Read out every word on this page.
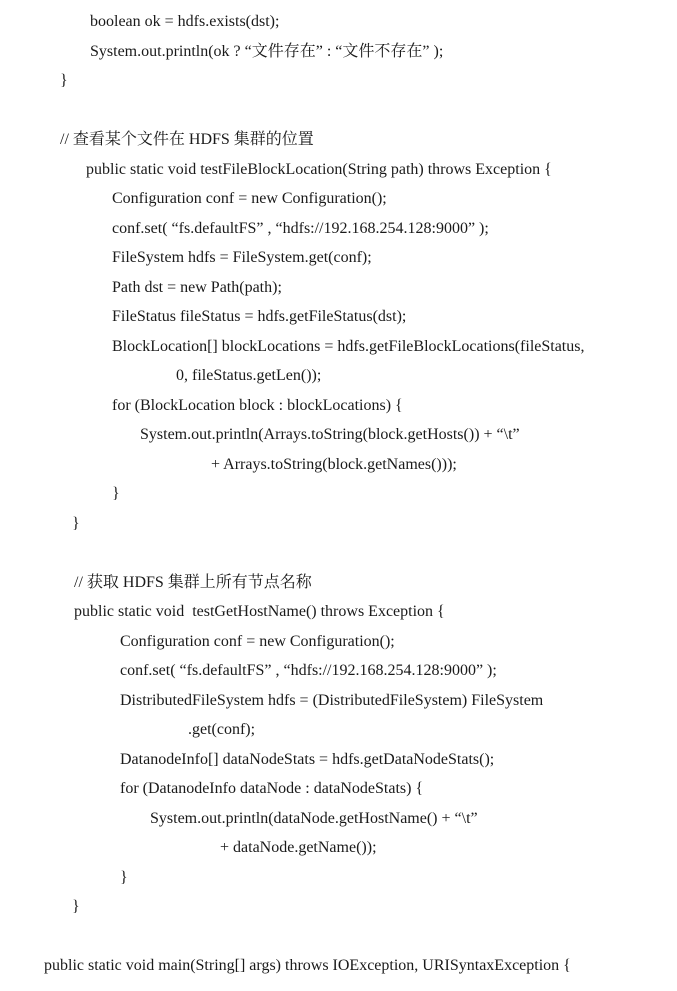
boolean ok = hdfs.exists(dst);
System.out.println(ok ? “文件存在” : “文件不存在” );
}
// 查看某个文件在 HDFS 集群的位置
public static void testFileBlockLocation(String path) throws Exception {
Configuration conf = new Configuration();
conf.set( “fs.defaultFS” , “hdfs://192.168.254.128:9000” );
FileSystem hdfs = FileSystem.get(conf);
Path dst = new Path(path);
FileStatus fileStatus = hdfs.getFileStatus(dst);
BlockLocation[] blockLocations = hdfs.getFileBlockLocations(fileStatus,
0, fileStatus.getLen());
for (BlockLocation block : blockLocations) {
System.out.println(Arrays.toString(block.getHosts()) + “\t”
+ Arrays.toString(block.getNames()));
}
}
// 获取 HDFS 集群上所有节点名称
public static void  testGetHostName() throws Exception {
Configuration conf = new Configuration();
conf.set( “fs.defaultFS” , “hdfs://192.168.254.128:9000” );
DistributedFileSystem hdfs = (DistributedFileSystem) FileSystem
.get(conf);
DatanodeInfo[] dataNodeStats = hdfs.getDataNodeStats();
for (DatanodeInfo dataNode : dataNodeStats) {
System.out.println(dataNode.getHostName() + “\t”
+ dataNode.getName());
}
}
public static void main(String[] args) throws IOException, URISyntaxException {
